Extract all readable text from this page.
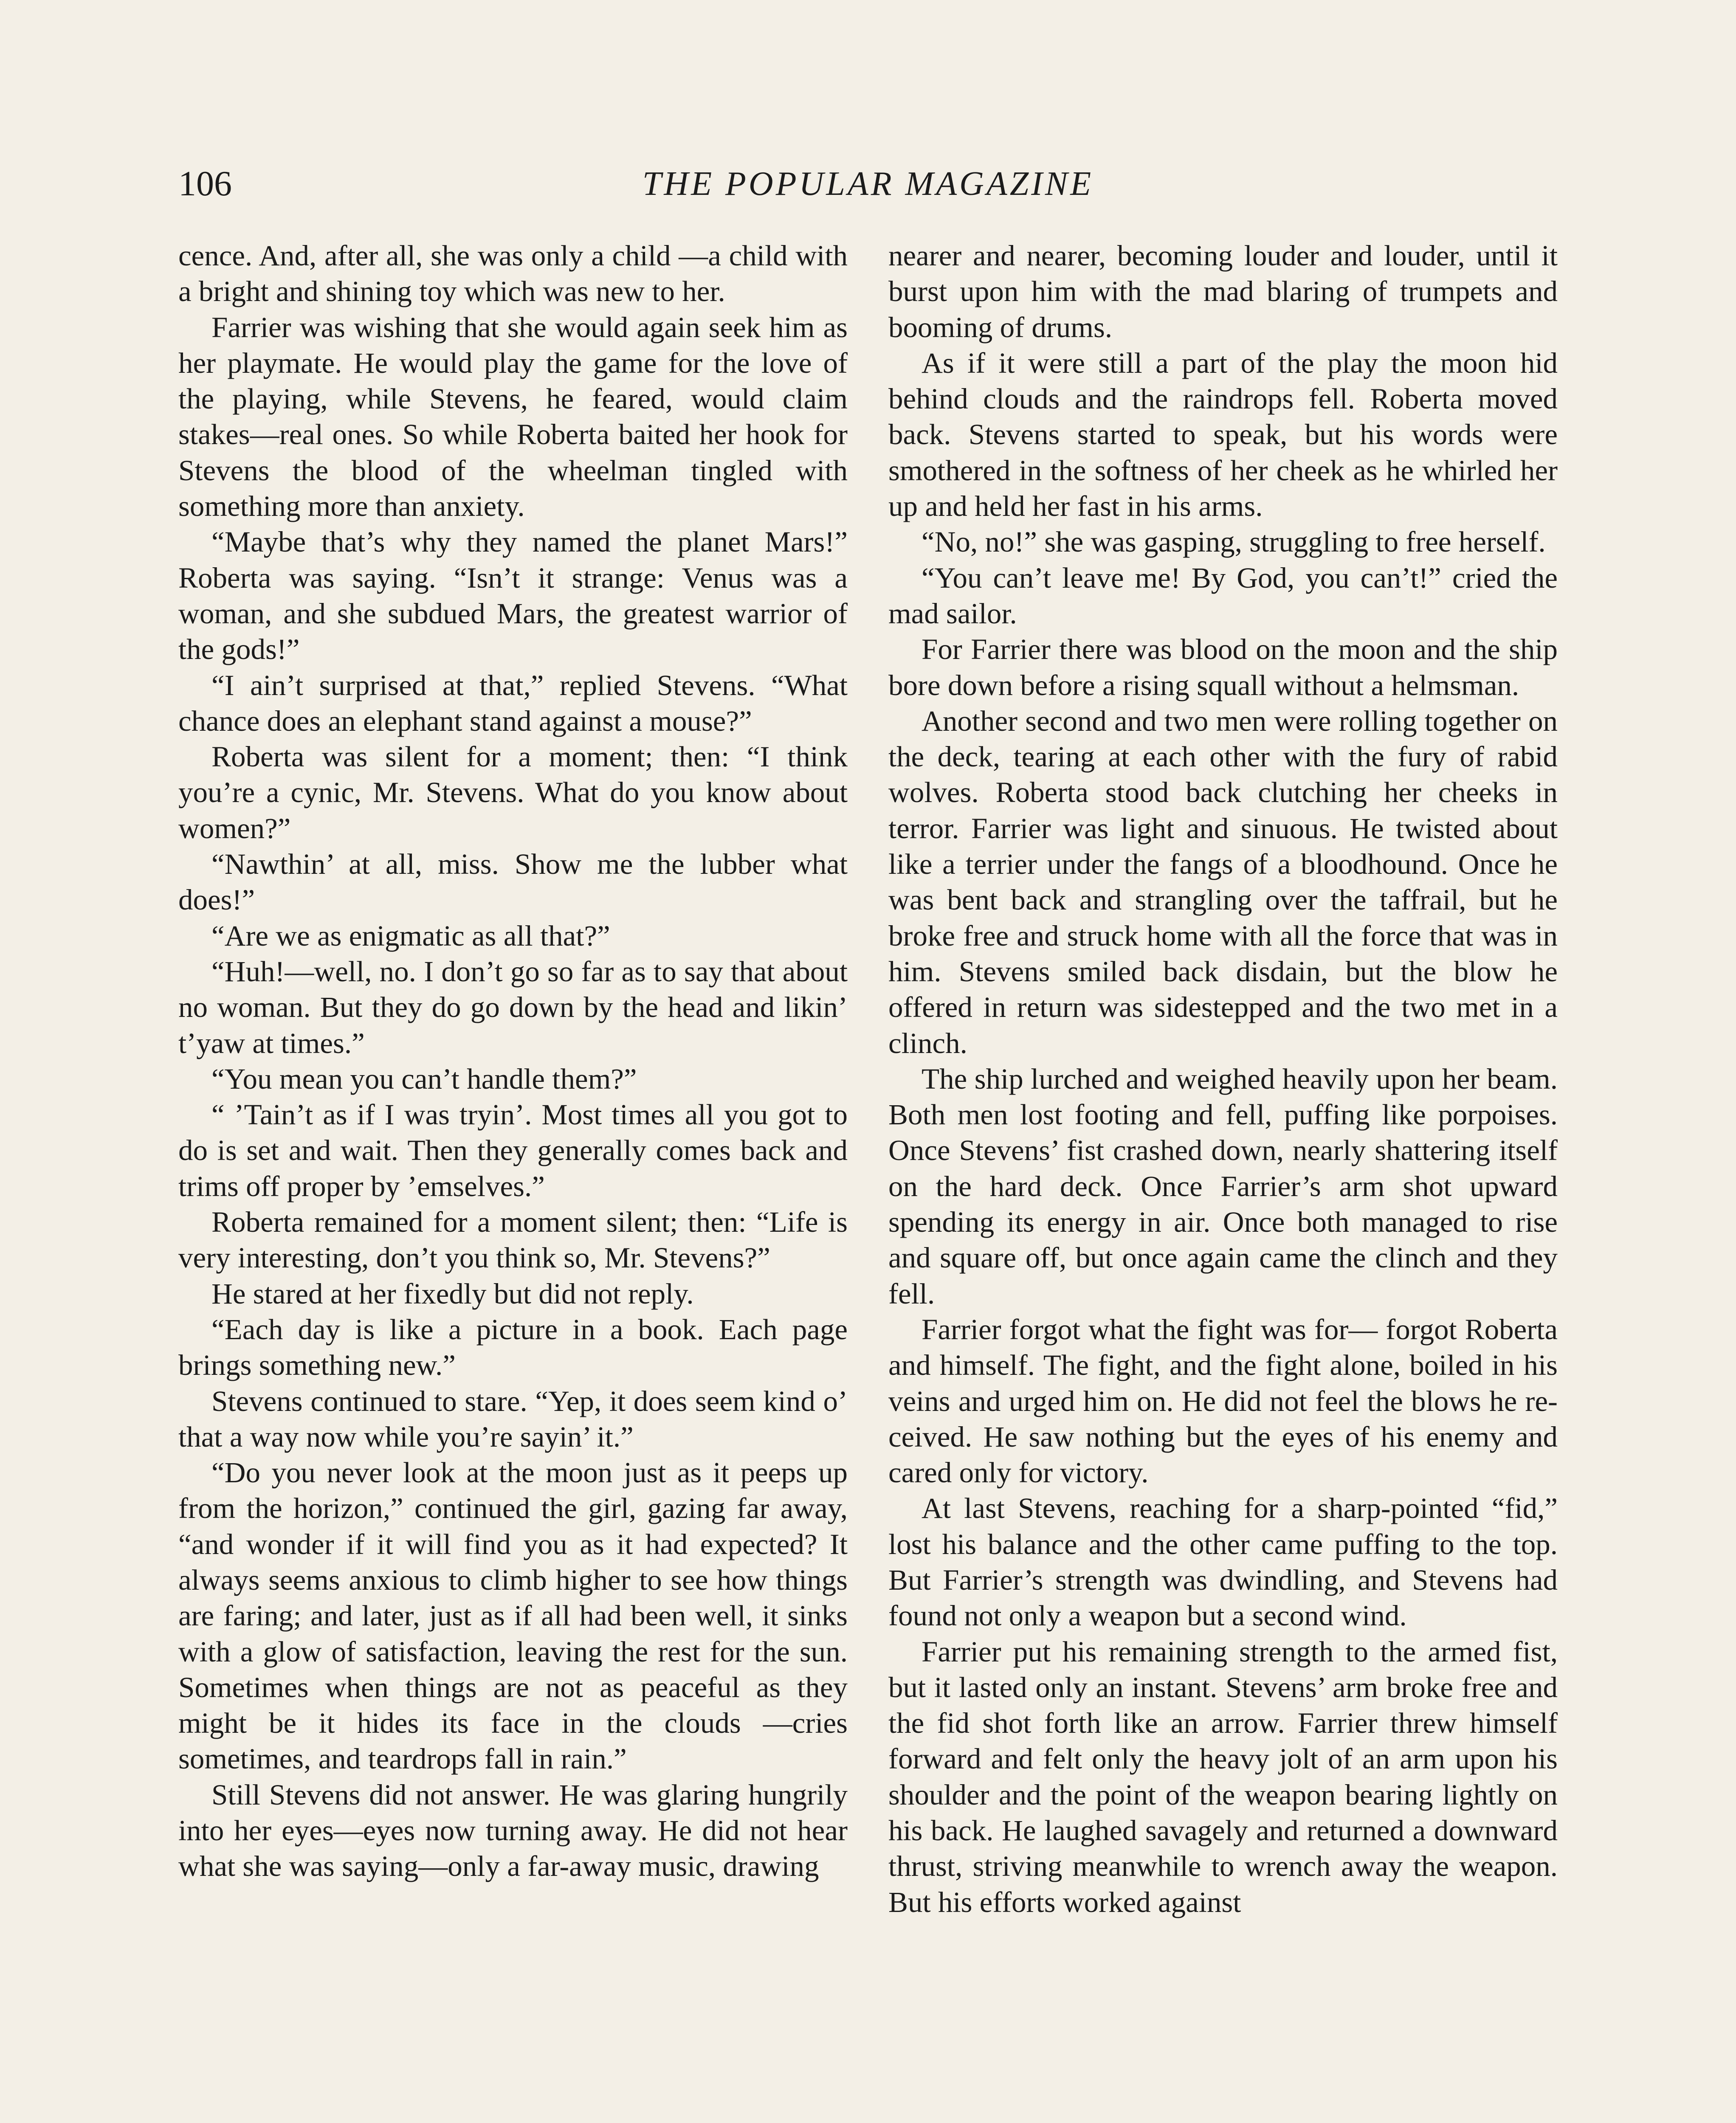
106	THE POPULAR MAGAZINE

cence. And, after all, she was only a child —a child with a bright and shining toy which was new to her.

Farrier was wishing that she would again seek him as her playmate. He would play the game for the love of the playing, while Stevens, he feared, would claim stakes—real ones. So while Roberta baited her hook for Stevens the blood of the wheelman tingled with something more than anxiety.

“Maybe that’s why they named the planet Mars!” Roberta was saying. “Isn’t it strange: Venus was a woman, and she subdued Mars, the greatest warrior of the gods!”

“I ain’t surprised at that,” replied Stevens. “What chance does an elephant stand against a mouse?”

Roberta was silent for a moment; then: “I think you’re a cynic, Mr. Stevens. What do you know about women?”

“Nawthin’ at all, miss. Show me the lubber what does!”

“Are we as enigmatic as all that?”

“Huh!—well, no. I don’t go so far as to say that about no woman. But they do go down by the head and likin’ t’yaw at times.”

“You mean you can’t handle them?”

“ ’Tain’t as if I was tryin’. Most times all you got to do is set and wait. Then they generally comes back and trims off proper by ’emselves.”

Roberta remained for a moment silent; then: “Life is very interesting, don’t you think so, Mr. Stevens?”

He stared at her fixedly but did not reply.

“Each day is like a picture in a book. Each page brings something new.”

Stevens continued to stare. “Yep, it does seem kind o’ that a way now while you’re sayin’ it.”

“Do you never look at the moon just as it peeps up from the horizon,” continued the girl, gazing far away, “and wonder if it will find you as it had expected? It always seems anxious to climb higher to see how things are faring; and later, just as if all had been well, it sinks with a glow of satisfaction, leaving the rest for the sun. Sometimes when things are not as peaceful as they might be it hides its face in the clouds —cries sometimes, and teardrops fall in rain.”

Still Stevens did not answer. He was glaring hungrily into her eyes—eyes now turning away. He did not hear what she was saying—only a far-away music, drawing

nearer and nearer, becoming louder and louder, until it burst upon him with the mad blaring of trumpets and booming of drums.

As if it were still a part of the play the moon hid behind clouds and the raindrops fell. Roberta moved back. Stevens started to speak, but his words were smothered in the softness of her cheek as he whirled her up and held her fast in his arms.

“No, no!” she was gasping, struggling to free herself.

“You can’t leave me! By God, you can’t!” cried the mad sailor.

For Farrier there was blood on the moon and the ship bore down before a rising squall without a helmsman.

Another second and two men were rolling together on the deck, tearing at each other with the fury of rabid wolves. Roberta stood back clutching her cheeks in terror. Farrier was light and sinuous. He twisted about like a terrier under the fangs of a bloodhound. Once he was bent back and strangling over the taffrail, but he broke free and struck home with all the force that was in him. Stevens smiled back disdain, but the blow he offered in return was sidestepped and the two met in a clinch.

The ship lurched and weighed heavily upon her beam. Both men lost footing and fell, puffing like porpoises. Once Stevens’ fist crashed down, nearly shattering itself on the hard deck. Once Farrier’s arm shot upward spending its energy in air. Once both managed to rise and square off, but once again came the clinch and they fell.

Farrier forgot what the fight was for— forgot Roberta and himself. The fight, and the fight alone, boiled in his veins and urged him on. He did not feel the blows he received. He saw nothing but the eyes of his enemy and cared only for victory.

At last Stevens, reaching for a sharp-pointed “fid,” lost his balance and the other came puffing to the top. But Farrier’s strength was dwindling, and Stevens had found not only a weapon but a second wind.

Farrier put his remaining strength to the armed fist, but it lasted only an instant. Stevens’ arm broke free and the fid shot forth like an arrow. Farrier threw himself forward and felt only the heavy jolt of an arm upon his shoulder and the point of the weapon bearing lightly on his back. He laughed savagely and returned a downward thrust, striving meanwhile to wrench away the weapon. But his efforts worked against
